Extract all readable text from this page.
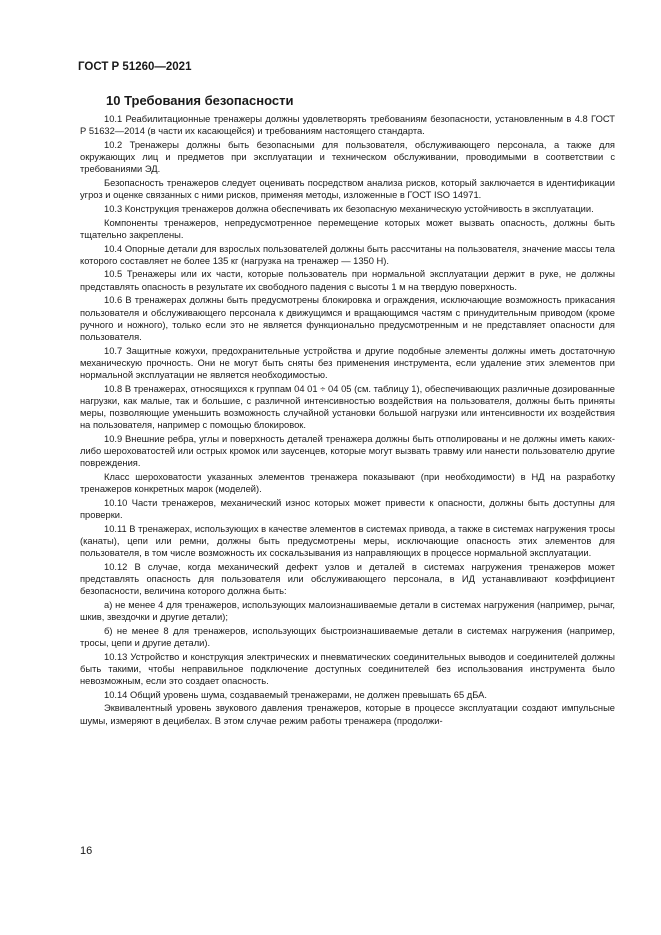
ГОСТ Р 51260—2021
10 Требования безопасности

10.1 Реабилитационные тренажеры должны удовлетворять требованиям безопасности, установленным в 4.8 ГОСТ Р 51632—2014 (в части их касающейся) и требованиям настоящего стандарта.

10.2 Тренажеры должны быть безопасными для пользователя, обслуживающего персонала, а также для окружающих лиц и предметов при эксплуатации и техническом обслуживании, проводимыми в соответствии с требованиями ЭД.

Безопасность тренажеров следует оценивать посредством анализа рисков, который заключается в идентификации угроз и оценке связанных с ними рисков, применяя методы, изложенные в ГОСТ ISO 14971.

10.3 Конструкция тренажеров должна обеспечивать их безопасную механическую устойчивость в эксплуатации.

Компоненты тренажеров, непредусмотренное перемещение которых может вызвать опасность, должны быть тщательно закреплены.

10.4 Опорные детали для взрослых пользователей должны быть рассчитаны на пользователя, значение массы тела которого составляет не более 135 кг (нагрузка на тренажер — 1350 Н).

10.5 Тренажеры или их части, которые пользователь при нормальной эксплуатации держит в руке, не должны представлять опасность в результате их свободного падения с высоты 1 м на твердую поверхность.

10.6 В тренажерах должны быть предусмотрены блокировка и ограждения, исключающие возможность прикасания пользователя и обслуживающего персонала к движущимся и вращающимся частям с принудительным приводом (кроме ручного и ножного), только если это не является функционально предусмотренным и не представляет опасности для пользователя.

10.7 Защитные кожухи, предохранительные устройства и другие подобные элементы должны иметь достаточную механическую прочность. Они не могут быть сняты без применения инструмента, если удаление этих элементов при нормальной эксплуатации не является необходимостью.

10.8 В тренажерах, относящихся к группам 04 01 ÷ 04 05 (см. таблицу 1), обеспечивающих различные дозированные нагрузки, как малые, так и большие, с различной интенсивностью воздействия на пользователя, должны быть приняты меры, позволяющие уменьшить возможность случайной установки большой нагрузки или интенсивности их воздействия на пользователя, например с помощью блокировок.

10.9 Внешние ребра, углы и поверхность деталей тренажера должны быть отполированы и не должны иметь каких-либо шероховатостей или острых кромок или заусенцев, которые могут вызвать травму или нанести пользователю другие повреждения.

Класс шероховатости указанных элементов тренажера показывают (при необходимости) в НД на разработку тренажеров конкретных марок (моделей).

10.10 Части тренажеров, механический износ которых может привести к опасности, должны быть доступны для проверки.

10.11 В тренажерах, использующих в качестве элементов в системах привода, а также в системах нагружения тросы (канаты), цепи или ремни, должны быть предусмотрены меры, исключающие опасность этих элементов для пользователя, в том числе возможность их соскальзывания из направляющих в процессе нормальной эксплуатации.

10.12 В случае, когда механический дефект узлов и деталей в системах нагружения тренажеров может представлять опасность для пользователя или обслуживающего персонала, в ИД устанавливают коэффициент безопасности, величина которого должна быть:

а) не менее 4 для тренажеров, использующих малоизнашиваемые детали в системах нагружения (например, рычаг, шкив, звездочки и другие детали);

б) не менее 8 для тренажеров, использующих быстроизнашиваемые детали в системах нагружения (например, тросы, цепи и другие детали).

10.13 Устройство и конструкция электрических и пневматических соединительных выводов и соединителей должны быть такими, чтобы неправильное подключение доступных соединителей без использования инструмента было невозможным, если это создает опасность.

10.14 Общий уровень шума, создаваемый тренажерами, не должен превышать 65 дБА.

Эквивалентный уровень звукового давления тренажеров, которые в процессе эксплуатации создают импульсные шумы, измеряют в децибелах. В этом случае режим работы тренажера (продолжи-

16
